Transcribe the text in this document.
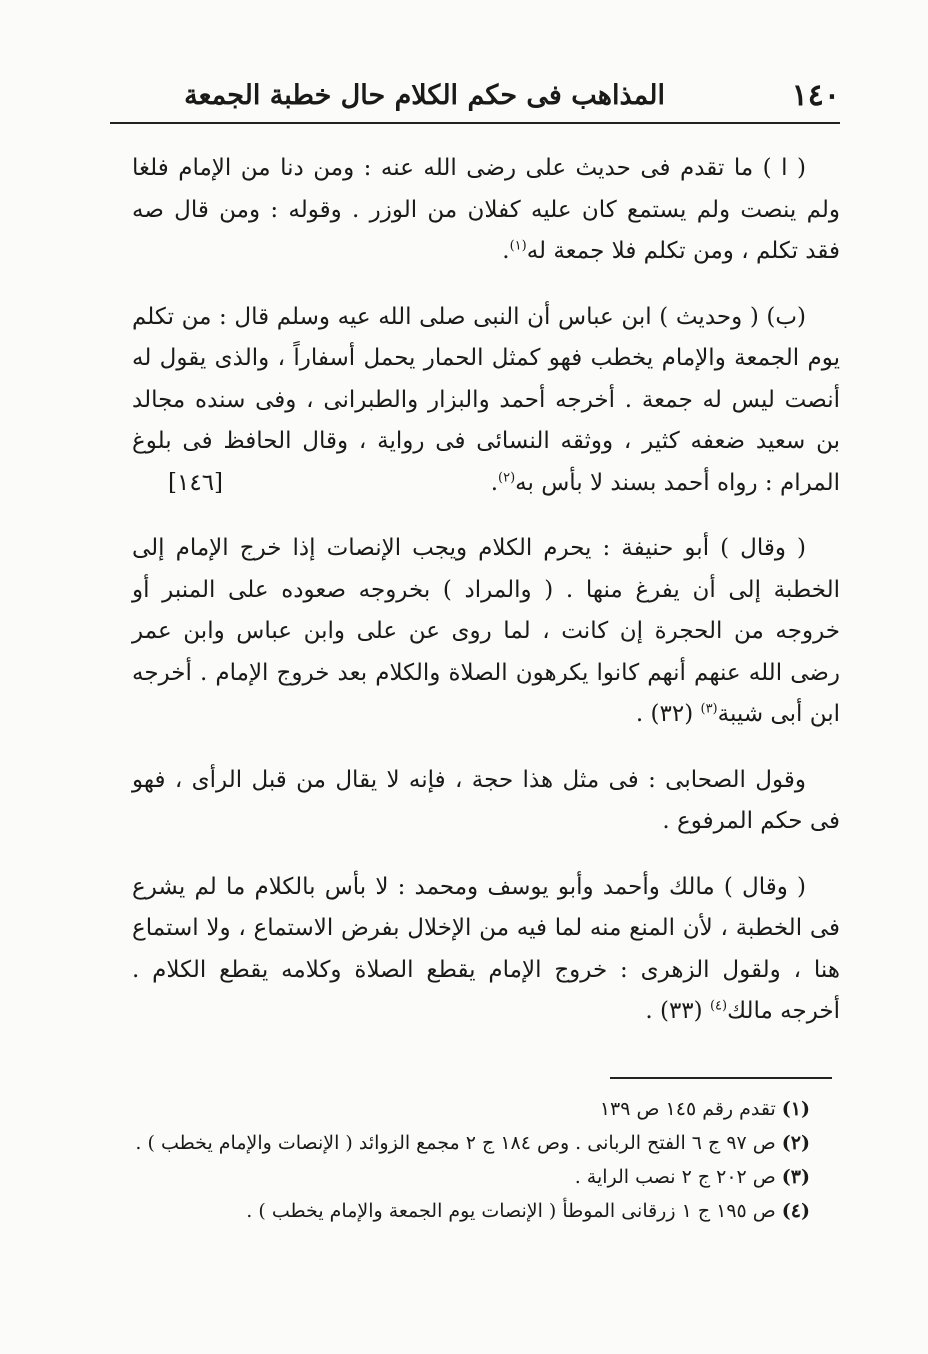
١٤٠
المذاهب فى حكم الكلام حال خطبة الجمعة

( ا ) ما تقدم فى حديث على رضى الله عنه : ومن دنا من الإمام فلغا ولم ينصت ولم يستمع كان عليه كفلان من الوزر . وقوله : ومن قال صه فقد تكلم ، ومن تكلم فلا جمعة له$^{(١)}$.

(ب) ( وحديث ) ابن عباس أن النبى صلى الله عيه وسلم قال : من تكلم يوم الجمعة والإمام يخطب فهو كمثل الحمار يحمل أسفاراً ، والذى يقول له أنصت ليس له جمعة . أخرجه أحمد والبزار والطبرانى ، وفى سنده مجالد بن سعيد ضعفه كثير ، ووثقه النسائى فى رواية ، وقال الحافظ فى بلوغ المرام : رواه أحمد بسند لا بأس به$^{(٢)}$.
[١٤٦]

( وقال ) أبو حنيفة : يحرم الكلام ويجب الإنصات إذا خرج الإمام إلى الخطبة إلى أن يفرغ منها . ( والمراد ) بخروجه صعوده على المنبر أو خروجه من الحجرة إن كانت ، لما روى عن على وابن عباس وابن عمر رضى الله عنهم أنهم كانوا يكرهون الصلاة والكلام بعد خروج الإمام . أخرجه ابن أبى شيبة$^{(٣)}$ (٣٢) .

وقول الصحابى : فى مثل هذا حجة ، فإنه لا يقال من قبل الرأى ، فهو فى حكم المرفوع .

( وقال ) مالك وأحمد وأبو يوسف ومحمد : لا بأس بالكلام ما لم يشرع فى الخطبة ، لأن المنع منه لما فيه من الإخلال بفرض الاستماع ، ولا استماع هنا ، ولقول الزهرى : خروج الإمام يقطع الصلاة وكلامه يقطع الكلام . أخرجه مالك$^{(٤)}$ (٣٣) .

(١)تقدم رقم ١٤٥ ص ١٣٩

(٢)ص ٩٧ ج ٦ الفتح الربانى . وص ١٨٤ ج ٢ مجمع الزوائد ( الإنصات والإمام يخطب ) .

(٣)ص ٢٠٢ ج ٢ نصب الراية .

(٤)ص ١٩٥ ج ١ زرقانى الموطأ ( الإنصات يوم الجمعة والإمام يخطب ) .
